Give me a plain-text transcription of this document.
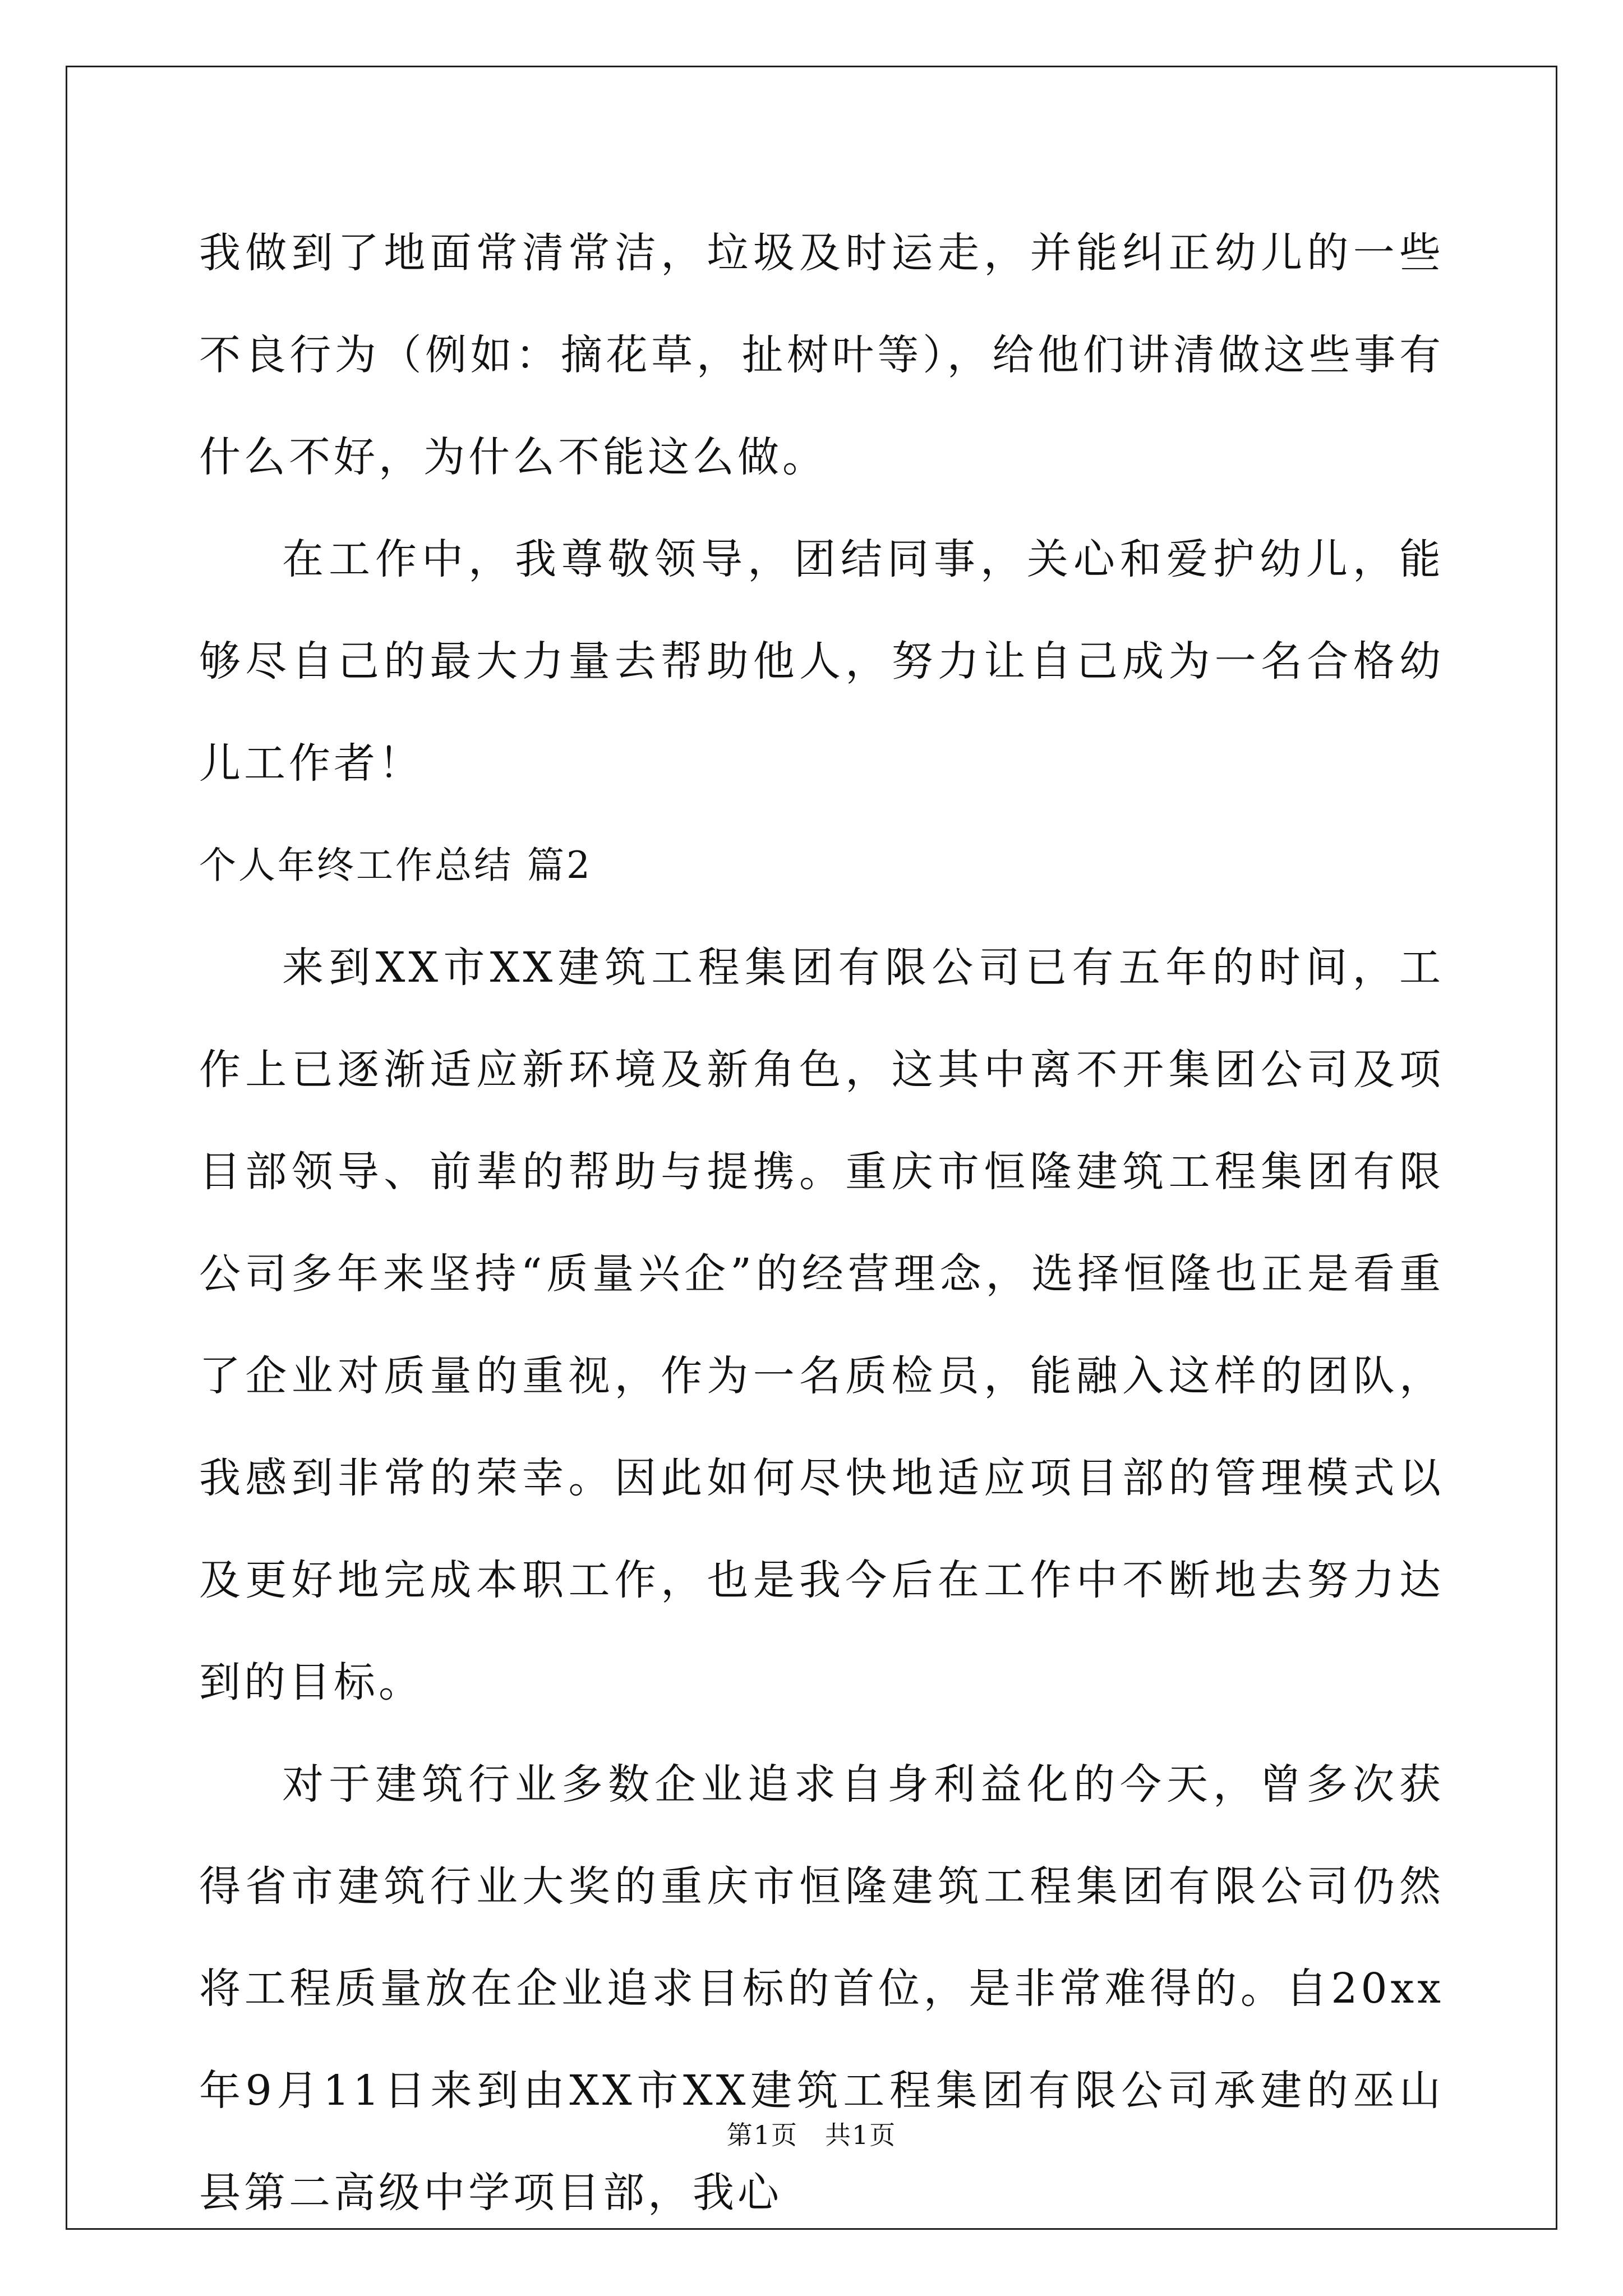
我做到了地面常清常洁，垃圾及时运走，并能纠正幼儿的一些不良行为（例如：摘花草，扯树叶等），给他们讲清做这些事有什么不好，为什么不能这么做。

在工作中，我尊敬领导，团结同事，关心和爱护幼儿，能够尽自己的最大力量去帮助他人，努力让自己成为一名合格幼儿工作者！

个人年终工作总结 篇2

来到XX市XX建筑工程集团有限公司已有五年的时间，工作上已逐渐适应新环境及新角色，这其中离不开集团公司及项目部领导、前辈的帮助与提携。重庆市恒隆建筑工程集团有限公司多年来坚持“质量兴企”的经营理念，选择恒隆也正是看重了企业对质量的重视，作为一名质检员，能融入这样的团队，我感到非常的荣幸。因此如何尽快地适应项目部的管理模式以及更好地完成本职工作，也是我今后在工作中不断地去努力达到的目标。

对于建筑行业多数企业追求自身利益化的今天，曾多次获得省市建筑行业大奖的重庆市恒隆建筑工程集团有限公司仍然将工程质量放在企业追求目标的首位，是非常难得的。自20xx年9月11日来到由XX市XX建筑工程集团有限公司承建的巫山县第二高级中学项目部，我心

第1页　共1页
